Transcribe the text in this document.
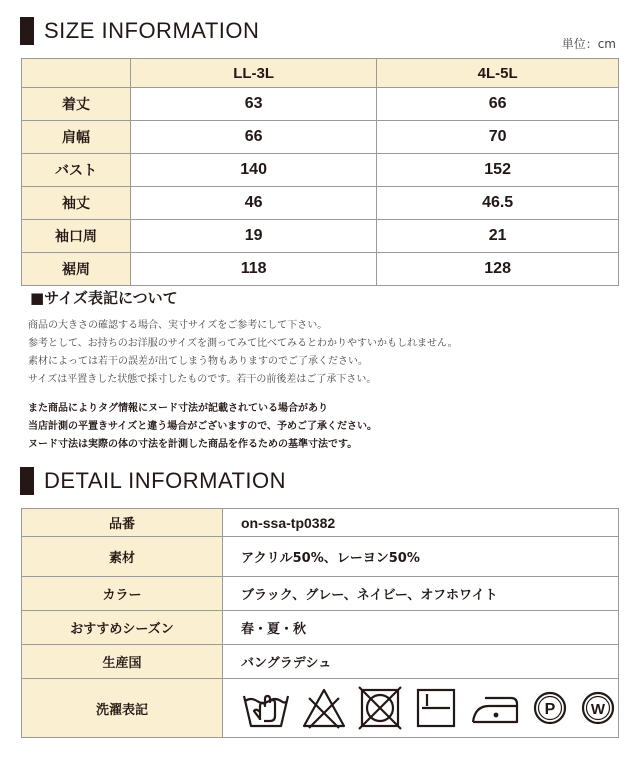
SIZE INFORMATION
単位：cm
	LL-3L	4L-5L
着丈	63	66
肩幅	66	70
バスト	140	152
袖丈	46	46.5
袖口周	19	21
裾周	118	128
■サイズ表記について
商品の大きさの確認する場合、実寸サイズをご参考にして下さい。
参考として、お持ちのお洋服のサイズを測ってみて比べてみるとわかりやすいかもしれません。
素材によっては若干の誤差が出てしまう物もありますのでご了承ください。
サイズは平置きした状態で採寸したものです。若干の前後差はご了承下さい。
また商品によりタグ情報にヌード寸法が記載されている場合があり
当店計測の平置きサイズと違う場合がございますので、予めご了承ください。
ヌード寸法は実際の体の寸法を計測した商品を作るための基準寸法です。
DETAIL INFORMATION
品番	on-ssa-tp0382
素材	アクリル50%、レーヨン50%
カラー	ブラック、グレー、ネイビー、オフホワイト
おすすめシーズン	春・夏・秋
生産国	バングラデシュ
洗濯表記	P W
